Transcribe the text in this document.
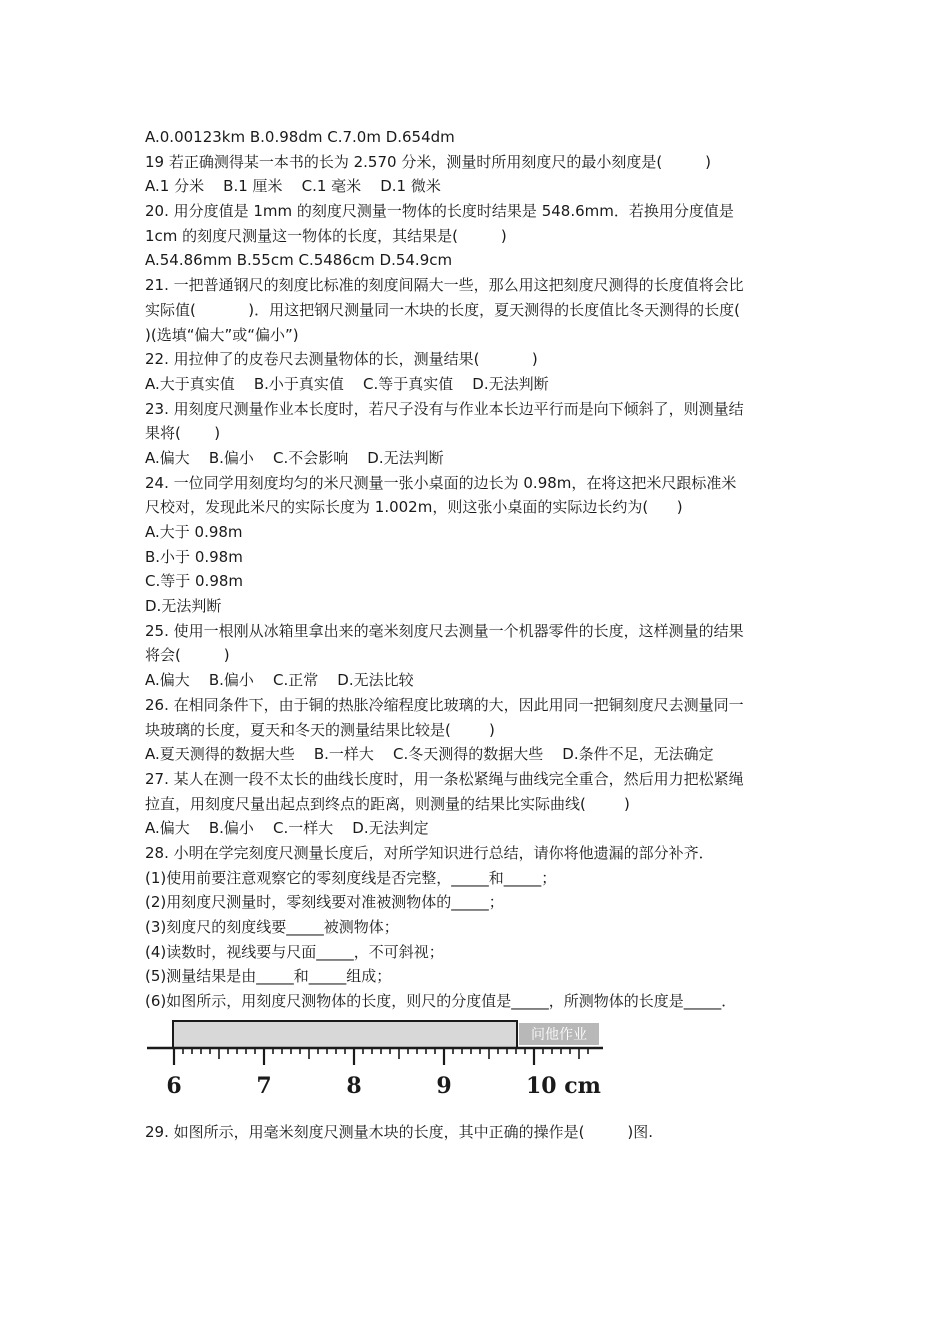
A.0.00123km B.0.98dm C.7.0m D.654dm
19 若正确测得某一本书的长为 2.570 分米，测量时所用刻度尺的最小刻度是(         )
A.1 分米    B.1 厘米    C.1 毫米    D.1 微米
20. 用分度值是 1mm 的刻度尺测量一物体的长度时结果是 548.6mm．若换用分度值是
1cm 的刻度尺测量这一物体的长度，其结果是(         )
A.54.86mm B.55cm C.5486cm D.54.9cm
21. 一把普通钢尺的刻度比标准的刻度间隔大一些，那么用这把刻度尺测得的长度值将会比
实际值(           )．用这把钢尺测量同一木块的长度，夏天测得的长度值比冬天测得的长度(
)(选填“偏大”或“偏小”)
22. 用拉伸了的皮卷尺去测量物体的长，测量结果(           )
A.大于真实值    B.小于真实值    C.等于真实值    D.无法判断
23. 用刻度尺测量作业本长度时，若尺子没有与作业本长边平行而是向下倾斜了，则测量结
果将(       )
A.偏大    B.偏小    C.不会影响    D.无法判断
24. 一位同学用刻度均匀的米尺测量一张小桌面的边长为 0.98m，在将这把米尺跟标准米
尺校对，发现此米尺的实际长度为 1.002m，则这张小桌面的实际边长约为(      )
A.大于 0.98m
B.小于 0.98m
C.等于 0.98m
D.无法判断
25. 使用一根刚从冰箱里拿出来的毫米刻度尺去测量一个机器零件的长度，这样测量的结果
将会(         )
A.偏大    B.偏小    C.正常    D.无法比较
26. 在相同条件下，由于铜的热胀冷缩程度比玻璃的大，因此用同一把铜刻度尺去测量同一
块玻璃的长度，夏天和冬天的测量结果比较是(        )
A.夏天测得的数据大些    B.一样大    C.冬天测得的数据大些    D.条件不足，无法确定
27. 某人在测一段不太长的曲线长度时，用一条松紧绳与曲线完全重合，然后用力把松紧绳
拉直，用刻度尺量出起点到终点的距离，则测量的结果比实际曲线(        )
A.偏大    B.偏小    C.一样大    D.无法判定
28. 小明在学完刻度尺测量长度后，对所学知识进行总结，请你将他遗漏的部分补齐．
(1)使用前要注意观察它的零刻度线是否完整，_____和_____；
(2)用刻度尺测量时，零刻线要对准被测物体的_____；
(3)刻度尺的刻度线要_____被测物体；
(4)读数时，视线要与尺面_____，不可斜视；
(5)测量结果是由_____和_____组成；
(6)如图所示，用刻度尺测物体的长度，则尺的分度值是_____，所测物体的长度是_____．
问他作业
6	7	8	9	10 cm
29. 如图所示，用毫米刻度尺测量木块的长度，其中正确的操作是(         )图.
